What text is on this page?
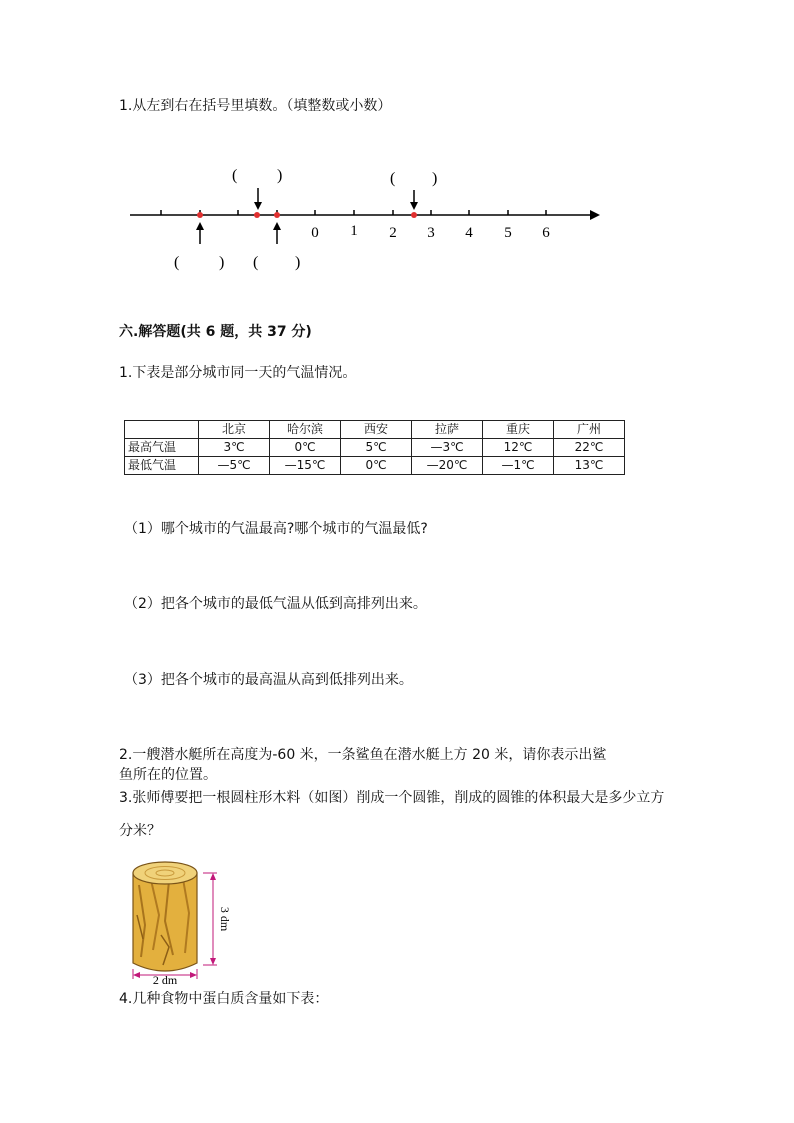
1.从左到右在括号里填数。（填整数或小数）
0 1 2 3 4 5 6
( )	( )
( ) ( )
六.解答题(共 6 题，共 37 分)
1.下表是部分城市同一天的气温情况。
	北京	哈尔滨	西安	拉萨	重庆	广州
最高气温	3℃	0℃	5℃	—3℃	12℃	22℃
最低气温	—5℃	—15℃	0℃	—20℃	—1℃	13℃
（1）哪个城市的气温最高?哪个城市的气温最低?
（2）把各个城市的最低气温从低到高排列出来。
（3）把各个城市的最高温从高到低排列出来。
2.一艘潜水艇所在高度为-60 米，一条鲨鱼在潜水艇上方 20 米，请你表示出鲨
鱼所在的位置。
3.张师傅要把一根圆柱形木料（如图）削成一个圆锥，削成的圆锥的体积最大是多少立方
分米？
3 dm
2 dm
4.几种食物中蛋白质含量如下表：
